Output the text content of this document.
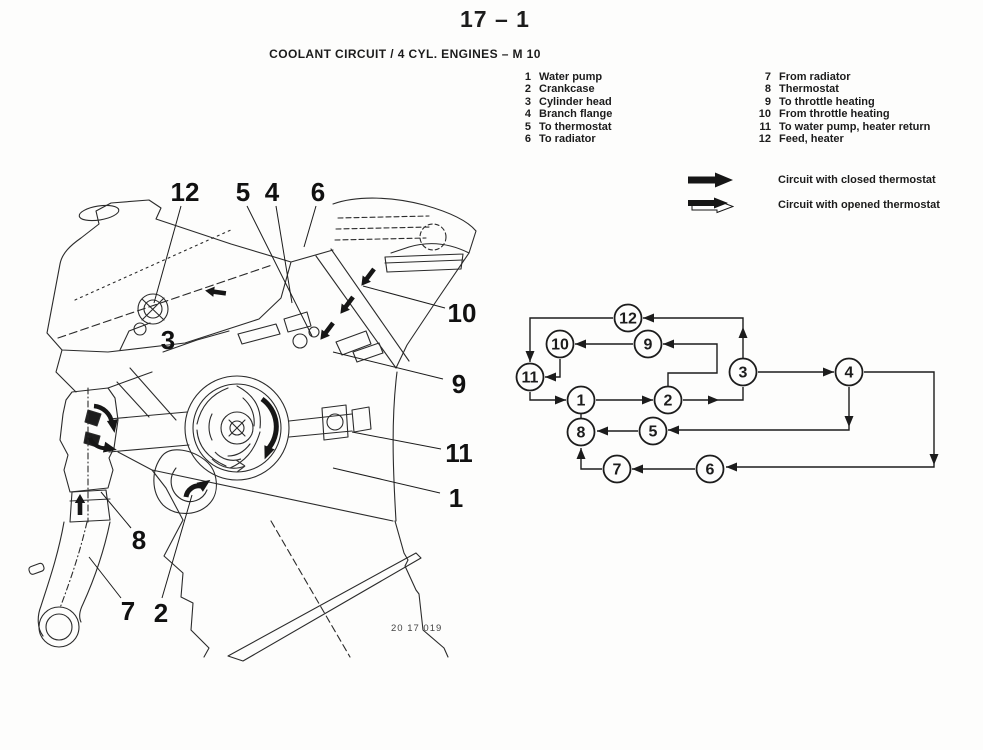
17 – 1
COOLANT CIRCUIT / 4 CYL. ENGINES – M 10
20 17 019
12 5 4 6
10
9
11
1
3
8
7 2
1	2
3	4
5
6
7
8
9
10
11
12
1 Water pump
2 Crankcase
3 Cylinder head
4 Branch flange
5 To thermostat
6 To radiator
7 From radiator
8 Thermostat
9 To throttle heating
10 From throttle heating
11 To water pump, heater return
12 Feed, heater
Circuit with closed thermostat
Circuit with opened thermostat
